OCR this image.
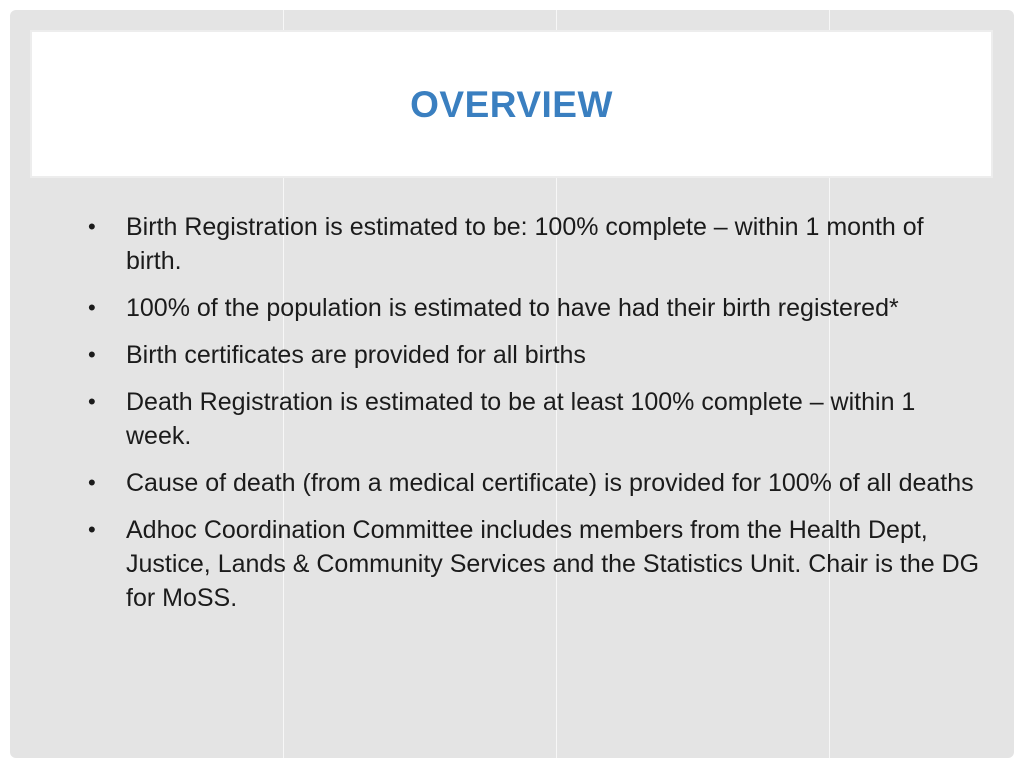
OVERVIEW
• Birth Registration is estimated to be: 100% complete – within 1 month of birth.
• 100% of the population is estimated to have had their birth registered*
• Birth certificates are provided for all births
• Death Registration is estimated to be at least 100% complete – within 1 week.
• Cause of death (from a medical certificate) is provided for 100% of all deaths
• Adhoc Coordination Committee includes members from the Health Dept, Justice, Lands & Community Services and the Statistics Unit. Chair is the DG for MoSS.
